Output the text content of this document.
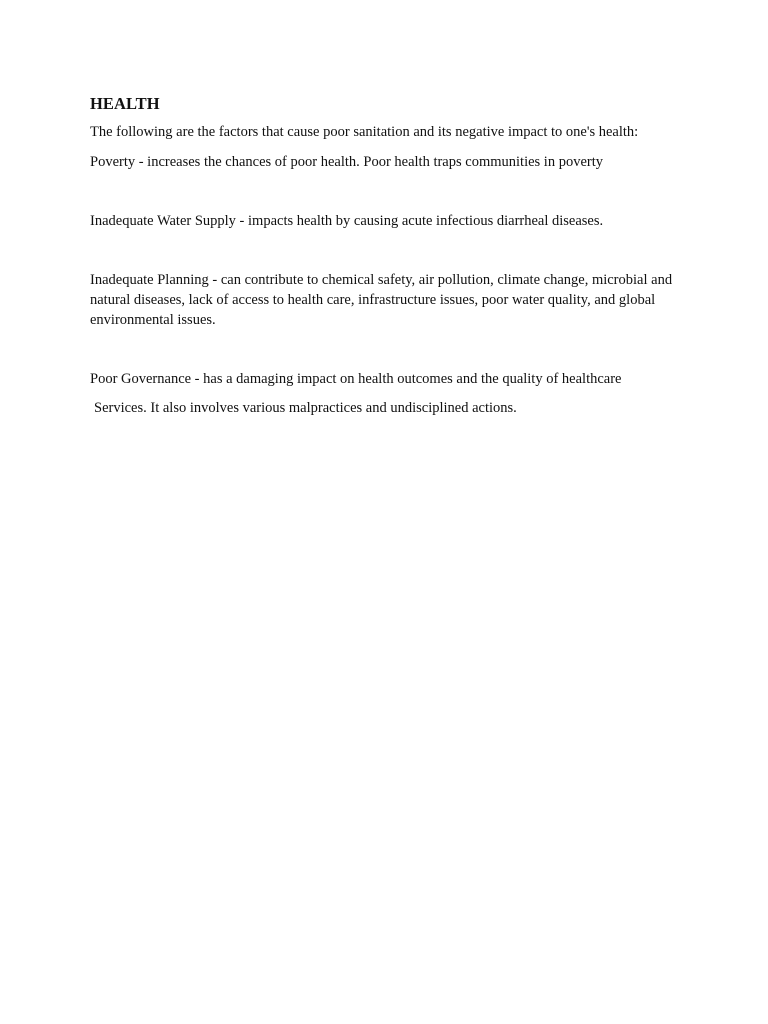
HEALTH

The following are the factors that cause poor sanitation and its negative impact to one's health:

Poverty - increases the chances of poor health. Poor health traps communities in poverty

Inadequate Water Supply - impacts health by causing acute infectious diarrheal diseases.

Inadequate Planning - can contribute to chemical safety, air pollution, climate change, microbial and natural diseases, lack of access to health care, infrastructure issues, poor water quality, and global environmental issues.

Poor Governance - has a damaging impact on health outcomes and the quality of healthcare

Services. It also involves various malpractices and undisciplined actions.
